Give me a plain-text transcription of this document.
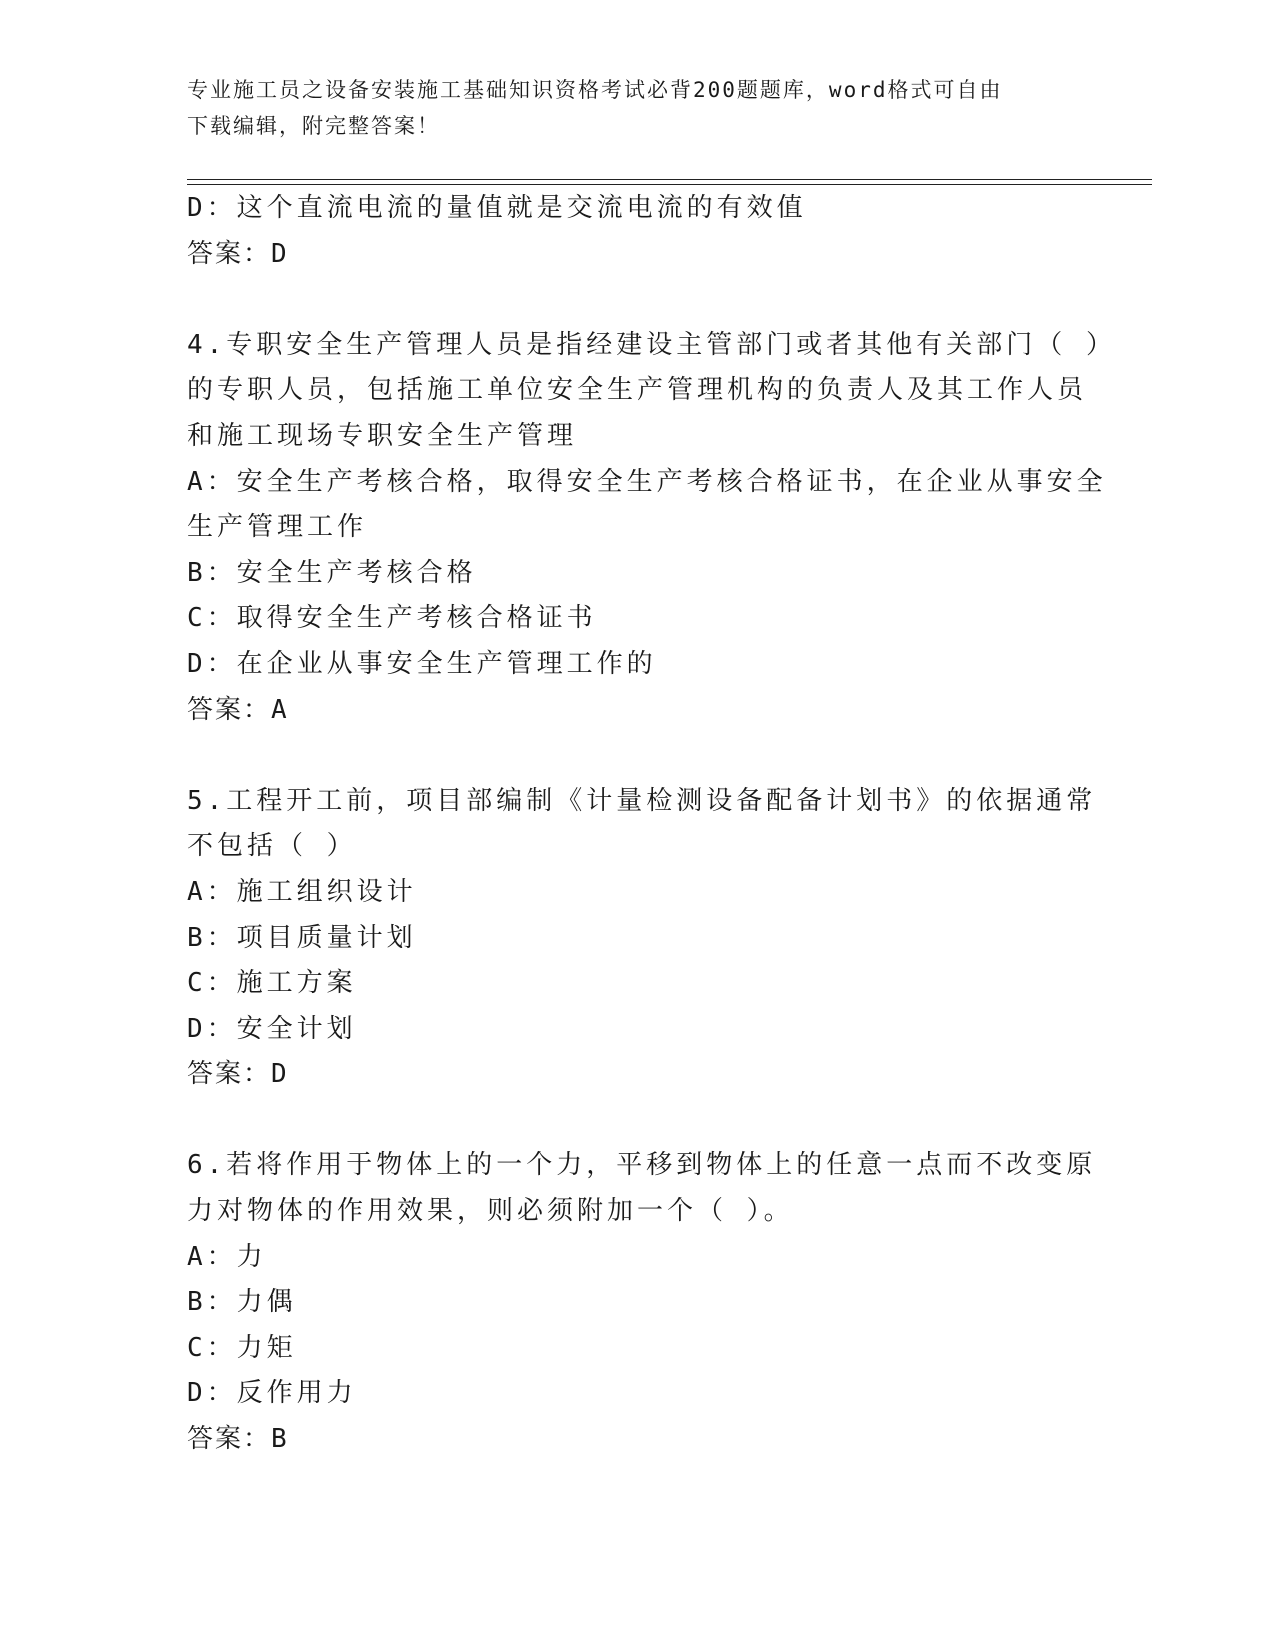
专业施工员之设备安装施工基础知识资格考试必背200题题库，word格式可自由
下载编辑，附完整答案！
D：这个直流电流的量值就是交流电流的有效值
答案：D
4.专职安全生产管理人员是指经建设主管部门或者其他有关部门（ ）
的专职人员，包括施工单位安全生产管理机构的负责人及其工作人员
和施工现场专职安全生产管理
A：安全生产考核合格，取得安全生产考核合格证书，在企业从事安全
生产管理工作
B：安全生产考核合格
C：取得安全生产考核合格证书
D：在企业从事安全生产管理工作的
答案：A
5.工程开工前，项目部编制《计量检测设备配备计划书》的依据通常
不包括（ ）
A：施工组织设计
B：项目质量计划
C：施工方案
D：安全计划
答案：D
6.若将作用于物体上的一个力，平移到物体上的任意一点而不改变原
力对物体的作用效果，则必须附加一个（ ）。
A：力
B：力偶
C：力矩
D：反作用力
答案：B
